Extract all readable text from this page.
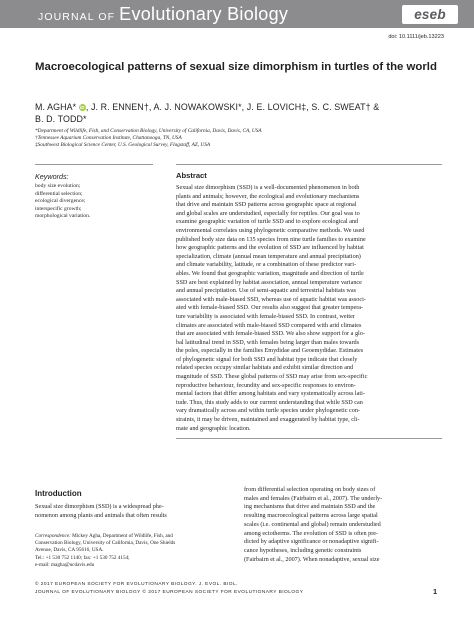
JOURNAL OF Evolutionary Biology	eseb
doi: 10.1111/jeb.13223
Macroecological patterns of sexual size dimorphism in turtles of the world
M. AGHA* iD, J. R. ENNEN†, A. J. NOWAKOWSKI*, J. E. LOVICH‡, S. C. SWEAT† &
B. D. TODD*
*Department of Wildlife, Fish, and Conservation Biology, University of California, Davis, Davis, CA, USA
†Tennessee Aquarium Conservation Institute, Chattanooga, TN, USA
‡Southwest Biological Science Center, U.S. Geological Survey, Flagstaff, AZ, USA
Keywords:
body size evolution;
differential selection;
ecological divergence;
interspecific growth;
morphological variation.
Abstract
Sexual size dimorphism (SSD) is a well-documented phenomenon in both
plants and animals; however, the ecological and evolutionary mechanisms
that drive and maintain SSD patterns across geographic space at regional
and global scales are understudied, especially for reptiles. Our goal was to
examine geographic variation of turtle SSD and to explore ecological and
environmental correlates using phylogenetic comparative methods. We used
published body size data on 135 species from nine turtle families to examine
how geographic patterns and the evolution of SSD are influenced by habitat
specialization, climate (annual mean temperature and annual precipitation)
and climate variability, latitude, or a combination of these predictor vari-
ables. We found that geographic variation, magnitude and direction of turtle
SSD are best explained by habitat association, annual temperature variance
and annual precipitation. Use of semi-aquatic and terrestrial habitats was
associated with male-biased SSD, whereas use of aquatic habitat was associ-
ated with female-biased SSD. Our results also suggest that greater tempera-
ture variability is associated with female-biased SSD. In contrast, wetter
climates are associated with male-biased SSD compared with arid climates
that are associated with female-biased SSD. We also show support for a glo-
bal latitudinal trend in SSD, with females being larger than males towards
the poles, especially in the families Emydidae and Geoemydidae. Estimates
of phylogenetic signal for both SSD and habitat type indicate that closely
related species occupy similar habitats and exhibit similar direction and
magnitude of SSD. These global patterns of SSD may arise from sex-specific
reproductive behaviour, fecundity and sex-specific responses to environ-
mental factors that differ among habitats and vary systematically across lati-
tude. Thus, this study adds to our current understanding that while SSD can
vary dramatically across and within turtle species under phylogenetic con-
straints, it may be driven, maintained and exaggerated by habitat type, cli-
mate and geographic location.
Introduction
Sexual size dimorphism (SSD) is a widespread phe-
nomenon among plants and animals that often results
from differential selection operating on body sizes of
males and females (Fairbairn et al., 2007). The underly-
ing mechanisms that drive and maintain SSD and the
resulting macroecological patterns across large spatial
scales (i.e. continental and global) remain understudied
among ectotherms. The evolution of SSD is often pre-
dicted by adaptive significance or nonadaptive signifi-
cance hypotheses, including genetic constraints
(Fairbairn et al., 2007). When nonadaptive, sexual size
Correspondence: Mickey Agha, Department of Wildlife, Fish, and
Conservation Biology, University of California, Davis, One Shields
Avenue, Davis, CA 95616, USA.
Tel.: +1 530 752 1140; fax: +1 530 752 4154;
e-mail: magha@ucdavis.edu
© 2017 EUROPEAN SOCIETY FOR EVOLUTIONARY BIOLOGY. J. EVOL. BIOL.
JOURNAL OF EVOLUTIONARY BIOLOGY © 2017 EUROPEAN SOCIETY FOR EVOLUTIONARY BIOLOGY	1
